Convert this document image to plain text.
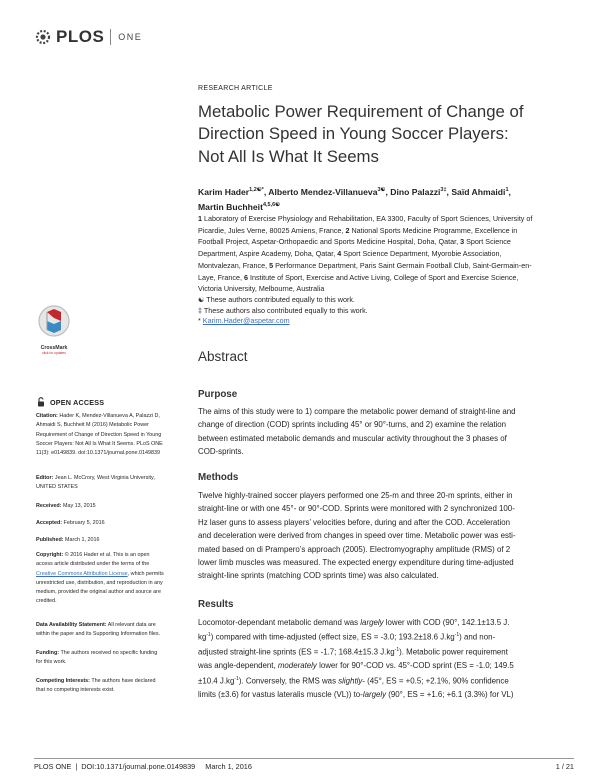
PLOS ONE
RESEARCH ARTICLE
Metabolic Power Requirement of Change of
Direction Speed in Young Soccer Players:
Not All Is What It Seems
Karim Hader$^{1,2☯*}$, Alberto Mendez-Villanueva$^{3☯}$, Dino Palazzi$^{3\ddagger}$, Saïd Ahmaidi$^1$,
Martin Buchheit$^{4,5,6☯}$
1 Laboratory of Exercise Physiology and Rehabilitation, EA 3300, Faculty of Sport Sciences, University of
Picardie, Jules Verne, 80025 Amiens, France, 2 National Sports Medicine Programme, Excellence in
Football Project, Aspetar-Orthopaedic and Sports Medicine Hospital, Doha, Qatar, 3 Sport Science
Department, Aspire Academy, Doha, Qatar, 4 Sport Science Department, Myorobie Association,
Montvalezan, France, 5 Performance Department, Paris Saint Germain Football Club, Saint-Germain-en-
Laye, France, 6 Institute of Sport, Exercise and Active Living, College of Sport and Exercise Science,
Victoria University, Melbourne, Australia
☯ These authors contributed equally to this work.
‡ These authors also contributed equally to this work.
* Karim.Hader@aspetar.com
CrossMark
click for updates	Abstract
Purpose
The aims of this study were to 1) compare the metabolic power demand of straight-line and
change of direction (COD) sprints including 45° or 90°-turns, and 2) examine the relation
between estimated metabolic demands and muscular activity throughout the 3 phases of
COD-sprints.
Methods
Twelve highly-trained soccer players performed one 25-m and three 20-m sprints, either in
straight-line or with one 45°- or 90°-COD. Sprints were monitored with 2 synchronized 100-
Hz laser guns to assess players’ velocities before, during and after the COD. Acceleration
and deceleration were derived from changes in speed over time. Metabolic power was esti-
mated based on di Prampero’s approach (2005). Electromyography amplitude (RMS) of 2
lower limb muscles was measured. The expected energy expenditure during time-adjusted
straight-line sprints (matching COD sprints time) was also calculated.
Results
Locomotor-dependant metabolic demand was largely lower with COD (90°, 142.1±13.5 J.
$kg^{-1}$) compared with time-adjusted (effect size, ES = -3.0; 193.2±18.6 $J.kg^{-1}$) and non-
adjusted straight-line sprints (ES = -1.7; 168.4±15.3 $J.kg^{-1}$). Metabolic power requirement
was angle-dependent, moderately lower for 90°-COD vs. 45°-COD sprint (ES = -1.0; 149.5
±10.4 $J.kg^{-1}$). Conversely, the RMS was slightly- (45°, ES = +0.5; +2.1%, 90% confidence
limits (±3.6) for vastus lateralis muscle (VL)) to-largely (90°, ES = +1.6; +6.1 (3.3%) for VL)
OPEN ACCESS
Citation: Hader K, Mendez-Villanueva A, Palazzi D,
Ahmaidi S, Buchheit M (2016) Metabolic Power
Requirement of Change of Direction Speed in Young
Soccer Players: Not All Is What It Seems. PLoS ONE
11(3): e0149839. doi:10.1371/journal.pone.0149839
Editor: Jean L. McCrory, West Virginia University,
UNITED STATES
Received: May 13, 2015
Accepted: February 5, 2016
Published: March 1, 2016
Copyright: © 2016 Hader et al. This is an open
access article distributed under the terms of the
Creative Commons Attribution License, which permits
unrestricted use, distribution, and reproduction in any
medium, provided the original author and source are
credited.
Data Availability Statement: All relevant data are
within the paper and its Supporting Information files.
Funding: The authors received no specific funding
for this work.
Competing Interests: The authors have declared
that no competing interests exist.
PLOS ONE | DOI:10.1371/journal.pone.0149839 March 1, 2016	1 / 21
